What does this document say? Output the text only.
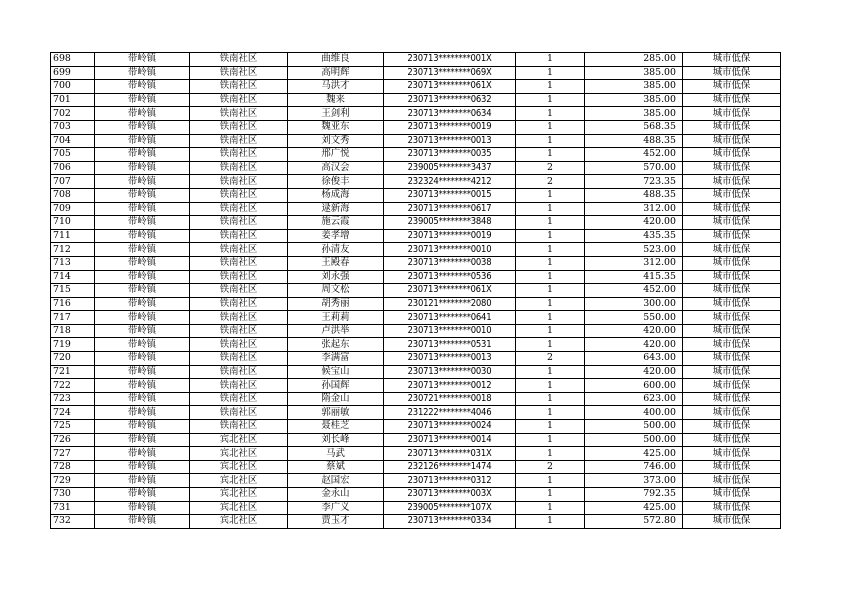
698	带岭镇	铁南社区	曲维良	230713********001X	1	285.00	城市低保
699	带岭镇	铁南社区	高明辉	230713********069X	1	385.00	城市低保
700	带岭镇	铁南社区	马洪才	230713********061X	1	385.00	城市低保
701	带岭镇	铁南社区	魏来	230713********0632	1	385.00	城市低保
702	带岭镇	铁南社区	王剑利	230713********0634	1	385.00	城市低保
703	带岭镇	铁南社区	魏亚东	230713********0019	1	568.35	城市低保
704	带岭镇	铁南社区	刘文秀	230713********0013	1	488.35	城市低保
705	带岭镇	铁南社区	邢广悦	230713********0035	1	452.00	城市低保
706	带岭镇	铁南社区	高汉会	239005********3437	2	570.00	城市低保
707	带岭镇	铁南社区	徐俊丰	232324********4212	2	723.35	城市低保
708	带岭镇	铁南社区	杨成海	230713********0015	1	488.35	城市低保
709	带岭镇	铁南社区	逯新海	230713********0617	1	312.00	城市低保
710	带岭镇	铁南社区	施云霞	239005********3848	1	420.00	城市低保
711	带岭镇	铁南社区	姜孝增	230713********0019	1	435.35	城市低保
712	带岭镇	铁南社区	孙清友	230713********0010	1	523.00	城市低保
713	带岭镇	铁南社区	王殿春	230713********0038	1	312.00	城市低保
714	带岭镇	铁南社区	刘永强	230713********0536	1	415.35	城市低保
715	带岭镇	铁南社区	周文松	230713********061X	1	452.00	城市低保
716	带岭镇	铁南社区	胡秀丽	230121********2080	1	300.00	城市低保
717	带岭镇	铁南社区	王莉莉	230713********0641	1	550.00	城市低保
718	带岭镇	铁南社区	卢洪举	230713********0010	1	420.00	城市低保
719	带岭镇	铁南社区	张起东	230713********0531	1	420.00	城市低保
720	带岭镇	铁南社区	李满富	230713********0013	2	643.00	城市低保
721	带岭镇	铁南社区	候宝山	230713********0030	1	420.00	城市低保
722	带岭镇	铁南社区	孙国辉	230713********0012	1	600.00	城市低保
723	带岭镇	铁南社区	隋金山	230721********0018	1	623.00	城市低保
724	带岭镇	铁南社区	郭丽敏	231222********4046	1	400.00	城市低保
725	带岭镇	铁南社区	聂桂芝	230713********0024	1	500.00	城市低保
726	带岭镇	宾北社区	刘长峰	230713********0014	1	500.00	城市低保
727	带岭镇	宾北社区	马武	230713********031X	1	425.00	城市低保
728	带岭镇	宾北社区	蔡斌	232126********1474	2	746.00	城市低保
729	带岭镇	宾北社区	赵国宏	230713********0312	1	373.00	城市低保
730	带岭镇	宾北社区	金永山	230713********003X	1	792.35	城市低保
731	带岭镇	宾北社区	李广义	239005********107X	1	425.00	城市低保
732	带岭镇	宾北社区	贾玉才	230713********0334	1	572.80	城市低保
